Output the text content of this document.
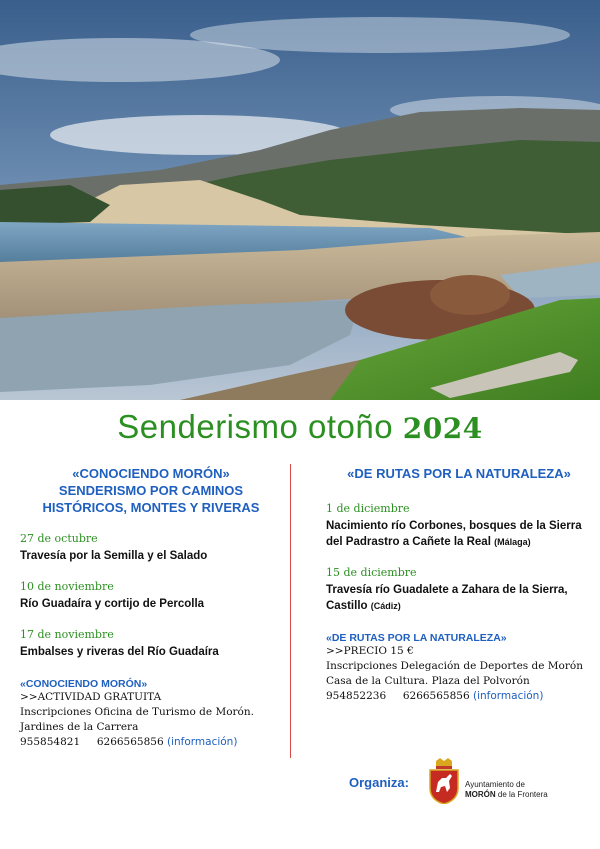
Senderismo otoño 2024
«CONOCIENDO MORÓN»
SENDERISMO POR CAMINOS
HISTÓRICOS, MONTES Y RIVERAS
27 de octubre
Travesía por la Semilla y el Salado
10 de noviembre
Río Guadaíra y cortijo de Percolla
17 de noviembre
Embalses y riveras del Río Guadaíra
«CONOCIENDO MORÓN»
>>ACTIVIDAD GRATUITA
Inscripciones Oficina de Turismo de Morón. Jardines de la Carrera
955854821 6266565856 (información)
«DE RUTAS POR LA NATURALEZA»
1 de diciembre
Nacimiento río Corbones, bosques de la Sierra del Padrastro a Cañete la Real (Málaga)
15 de diciembre
Travesía río Guadalete a Zahara de la Sierra, Castillo (Cádiz)
«DE RUTAS POR LA NATURALEZA»
>>PRECIO 15 €
Inscripciones Delegación de Deportes de Morón Casa de la Cultura. Plaza del Polvorón
954852236 6266565856 (información)
Organiza:	Ayuntamiento de
MORÓN de la Frontera
